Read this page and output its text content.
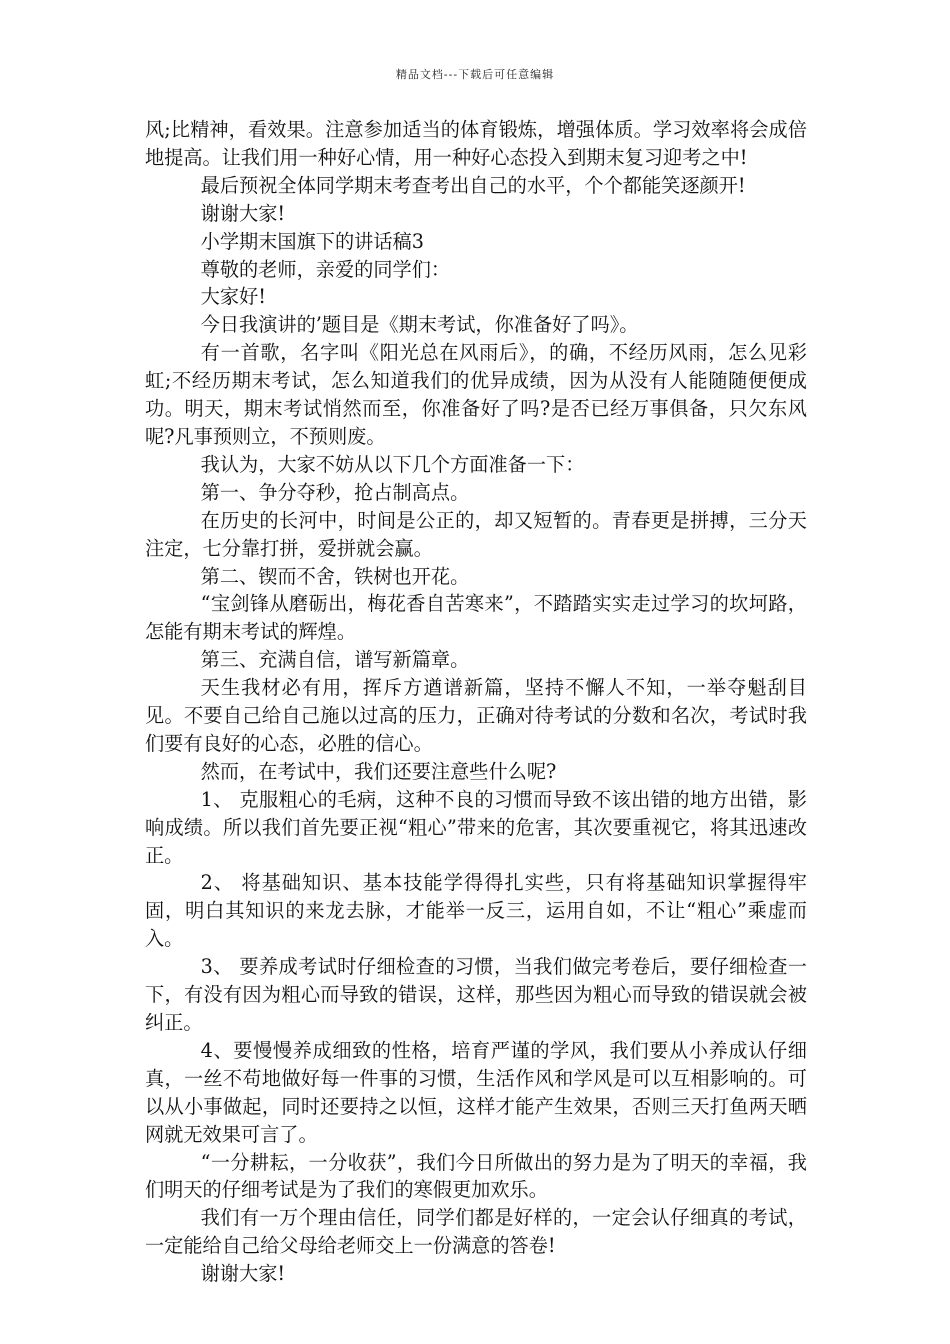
精品文档---下载后可任意编辑

风;比精神，看效果。注意参加适当的体育锻炼，增强体质。学习效率将会成倍地提高。让我们用一种好心情，用一种好心态投入到期末复习迎考之中!

最后预祝全体同学期末考查考出自己的水平，个个都能笑逐颜开!

谢谢大家!

小学期末国旗下的讲话稿3

尊敬的老师，亲爱的同学们：

大家好!

今日我演讲的’题目是《期末考试，你准备好了吗》。

有一首歌，名字叫《阳光总在风雨后》，的确，不经历风雨，怎么见彩虹;不经历期末考试，怎么知道我们的优异成绩，因为从没有人能随随便便成功。明天，期末考试悄然而至，你准备好了吗?是否已经万事俱备，只欠东风呢?凡事预则立，不预则废。

我认为，大家不妨从以下几个方面准备一下：

第一、争分夺秒，抢占制高点。

在历史的长河中，时间是公正的，却又短暂的。青春更是拼搏，三分天注定，七分靠打拼，爱拼就会赢。

第二、锲而不舍，铁树也开花。

“宝剑锋从磨砺出，梅花香自苦寒来”，不踏踏实实走过学习的坎坷路，怎能有期末考试的辉煌。

第三、充满自信，谱写新篇章。

天生我材必有用，挥斥方遒谱新篇，坚持不懈人不知，一举夺魁刮目见。不要自己给自己施以过高的压力，正确对待考试的分数和名次，考试时我们要有良好的心态，必胜的信心。

然而，在考试中，我们还要注意些什么呢?

1、 克服粗心的毛病，这种不良的习惯而导致不该出错的地方出错，影响成绩。所以我们首先要正视“粗心”带来的危害，其次要重视它，将其迅速改正。

2、 将基础知识、基本技能学得得扎实些，只有将基础知识掌握得牢固，明白其知识的来龙去脉，才能举一反三，运用自如，不让“粗心”乘虚而入。

3、 要养成考试时仔细检查的习惯，当我们做完考卷后，要仔细检查一下，有没有因为粗心而导致的错误，这样，那些因为粗心而导致的错误就会被纠正。

4、要慢慢养成细致的性格，培育严谨的学风，我们要从小养成认仔细真，一丝不苟地做好每一件事的习惯，生活作风和学风是可以互相影响的。可以从小事做起，同时还要持之以恒，这样才能产生效果，否则三天打鱼两天晒网就无效果可言了。

“一分耕耘，一分收获”，我们今日所做出的努力是为了明天的幸福，我们明天的仔细考试是为了我们的寒假更加欢乐。

我们有一万个理由信任，同学们都是好样的，一定会认仔细真的考试，一定能给自己给父母给老师交上一份满意的答卷!

谢谢大家!
